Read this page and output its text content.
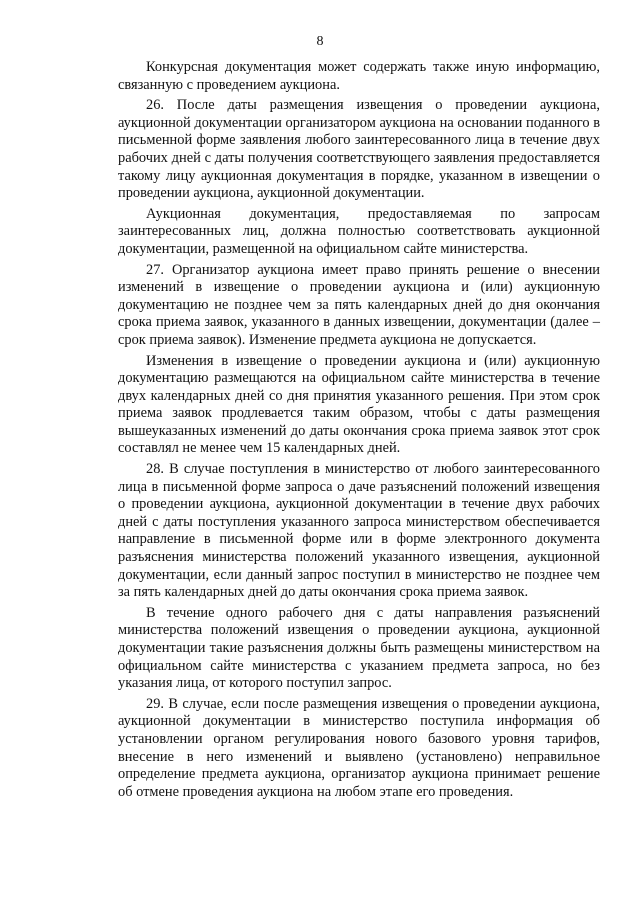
8

Конкурсная документация может содержать также иную информацию, связанную с проведением аукциона.

26. После даты размещения извещения о проведении аукциона, аукционной документации организатором аукциона на основании поданного в письменной форме заявления любого заинтересованного лица в течение двух рабочих дней с даты получения соответствующего заявления предоставляется такому лицу аукционная документация в порядке, указанном в извещении о проведении аукциона, аукционной документации.

Аукционная документация, предоставляемая по запросам заинтересованных лиц, должна полностью соответствовать аукционной документации, размещенной на официальном сайте министерства.

27. Организатор аукциона имеет право принять решение о внесении изменений в извещение о проведении аукциона и (или) аукционную документацию не позднее чем за пять календарных дней до дня окончания срока приема заявок, указанного в данных извещении, документации (далее – срок приема заявок). Изменение предмета аукциона не допускается.

Изменения в извещение о проведении аукциона и (или) аукционную документацию размещаются на официальном сайте министерства в течение двух календарных дней со дня принятия указанного решения. При этом срок приема заявок продлевается таким образом, чтобы с даты размещения вышеуказанных изменений до даты окончания срока приема заявок этот срок составлял не менее чем 15 календарных дней.

28. В случае поступления в министерство от любого заинтересованного лица в письменной форме запроса о даче разъяснений положений извещения о проведении аукциона, аукционной документации в течение двух рабочих дней с даты поступления указанного запроса министерством обеспечивается направление в письменной форме или в форме электронного документа разъяснения министерства положений указанного извещения, аукционной документации, если данный запрос поступил в министерство не позднее чем за пять календарных дней до даты окончания срока приема заявок.

В течение одного рабочего дня с даты направления разъяснений министерства положений извещения о проведении аукциона, аукционной документации такие разъяснения должны быть размещены министерством на официальном сайте министерства с указанием предмета запроса, но без указания лица, от которого поступил запрос.

29. В случае, если после размещения извещения о проведении аукциона, аукционной документации в министерство поступила информация об установлении органом регулирования нового базового уровня тарифов, внесение в него изменений и выявлено (установлено) неправильное определение предмета аукциона, организатор аукциона принимает решение об отмене проведения аукциона на любом этапе его проведения.
